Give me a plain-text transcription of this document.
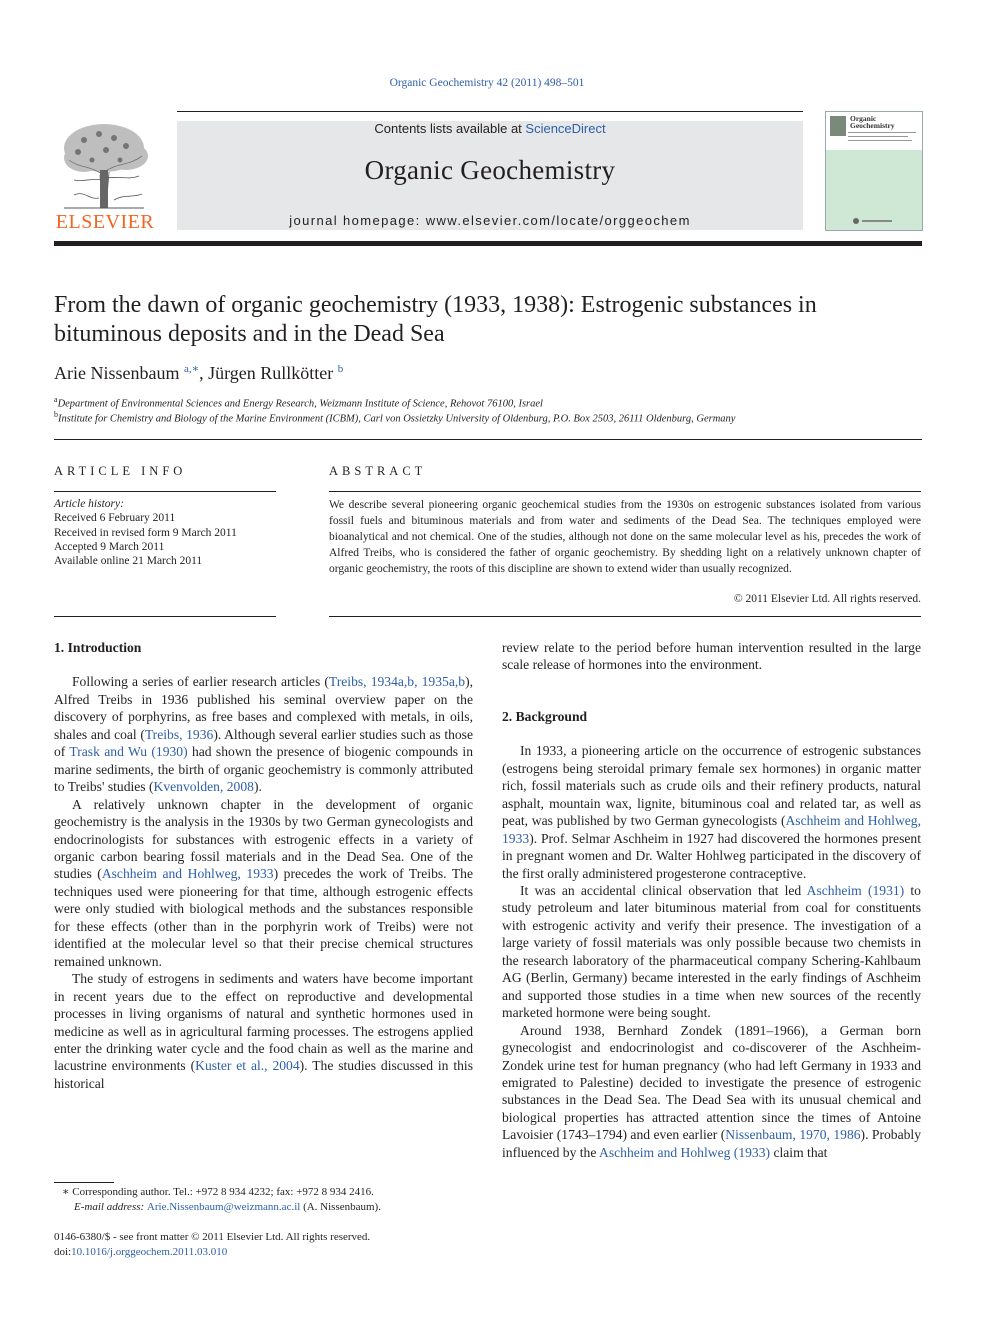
Organic Geochemistry 42 (2011) 498–501
ELSEVIER
Contents lists available at ScienceDirect
Organic Geochemistry
journal homepage: www.elsevier.com/locate/orggeochem
Organic Geochemistry
From the dawn of organic geochemistry (1933, 1938): Estrogenic substances in bituminous deposits and in the Dead Sea
Arie Nissenbaum $^{a,∗}$, Jürgen Rullkötter $^b$
$^a$Department of Environmental Sciences and Energy Research, Weizmann Institute of Science, Rehovot 76100, Israel
$^b$Institute for Chemistry and Biology of the Marine Environment (ICBM), Carl von Ossietzky University of Oldenburg, P.O. Box 2503, 26111 Oldenburg, Germany
ARTICLE INFO
Article history:
Received 6 February 2011
Received in revised form 9 March 2011
Accepted 9 March 2011
Available online 21 March 2011
ABSTRACT
We describe several pioneering organic geochemical studies from the 1930s on estrogenic substances isolated from various fossil fuels and bituminous materials and from water and sediments of the Dead Sea. The techniques employed were bioanalytical and not chemical. One of the studies, although not done on the same molecular level as his, precedes the work of Alfred Treibs, who is considered the father of organic geochemistry. By shedding light on a relatively unknown chapter of organic geochemistry, the roots of this discipline are shown to extend wider than usually recognized.
© 2011 Elsevier Ltd. All rights reserved.
1. Introduction

Following a series of earlier research articles (Treibs, 1934a,b, 1935a,b), Alfred Treibs in 1936 published his seminal overview paper on the discovery of porphyrins, as free bases and complexed with metals, in oils, shales and coal (Treibs, 1936). Although several earlier studies such as those of Trask and Wu (1930) had shown the presence of biogenic compounds in marine sediments, the birth of organic geochemistry is commonly attributed to Treibs' studies (Kvenvolden, 2008).

A relatively unknown chapter in the development of organic geochemistry is the analysis in the 1930s by two German gynecologists and endocrinologists for substances with estrogenic effects in a variety of organic carbon bearing fossil materials and in the Dead Sea. One of the studies (Aschheim and Hohlweg, 1933) precedes the work of Treibs. The techniques used were pioneering for that time, although estrogenic effects were only studied with biological methods and the substances responsible for these effects (other than in the porphyrin work of Treibs) were not identified at the molecular level so that their precise chemical structures remained unknown.

The study of estrogens in sediments and waters have become important in recent years due to the effect on reproductive and developmental processes in living organisms of natural and synthetic hormones used in medicine as well as in agricultural farming processes. The estrogens applied enter the drinking water cycle and the food chain as well as the marine and lacustrine environments (Kuster et al., 2004). The studies discussed in this historical

review relate to the period before human intervention resulted in the large scale release of hormones into the environment.

2. Background

In 1933, a pioneering article on the occurrence of estrogenic substances (estrogens being steroidal primary female sex hormones) in organic matter rich, fossil materials such as crude oils and their refinery products, natural asphalt, mountain wax, lignite, bituminous coal and related tar, as well as peat, was published by two German gynecologists (Aschheim and Hohlweg, 1933). Prof. Selmar Aschheim in 1927 had discovered the hormones present in pregnant women and Dr. Walter Hohlweg participated in the discovery of the first orally administered progesterone contraceptive.

It was an accidental clinical observation that led Aschheim (1931) to study petroleum and later bituminous material from coal for constituents with estrogenic activity and verify their presence. The investigation of a large variety of fossil materials was only possible because two chemists in the research laboratory of the pharmaceutical company Schering-Kahlbaum AG (Berlin, Germany) became interested in the early findings of Aschheim and supported those studies in a time when new sources of the recently marketed hormone were being sought.

Around 1938, Bernhard Zondek (1891–1966), a German born gynecologist and endocrinologist and co-discoverer of the Aschheim-Zondek urine test for human pregnancy (who had left Germany in 1933 and emigrated to Palestine) decided to investigate the presence of estrogenic substances in the Dead Sea. The Dead Sea with its unusual chemical and biological properties has attracted attention since the times of Antoine Lavoisier (1743–1794) and even earlier (Nissenbaum, 1970, 1986). Probably influenced by the Aschheim and Hohlweg (1933) claim that

∗ Corresponding author. Tel.: +972 8 934 4232; fax: +972 8 934 2416.
E-mail address: Arie.Nissenbaum@weizmann.ac.il (A. Nissenbaum).
0146-6380/$ - see front matter © 2011 Elsevier Ltd. All rights reserved.
doi:10.1016/j.orggeochem.2011.03.010
